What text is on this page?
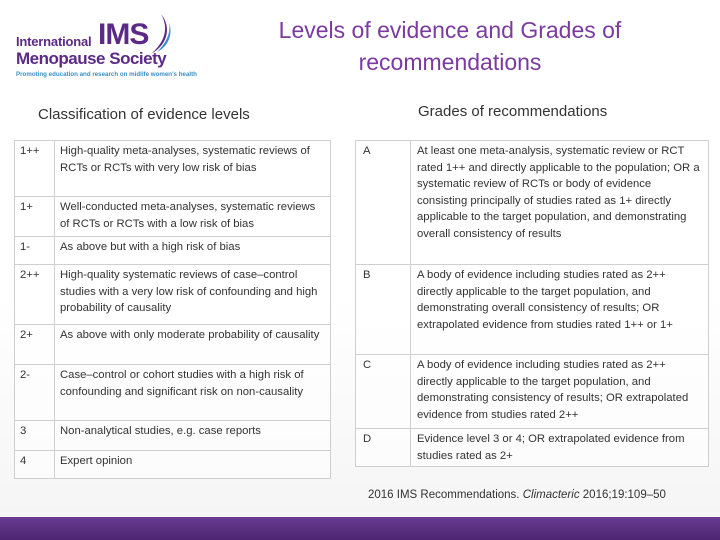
International IMS
Menopause Society
Promoting education and research on midlife women's health
Levels of evidence and Grades of recommendations
Classification of evidence levels	Grades of recommendations
1++	High-quality meta-analyses, systematic reviews of RCTs or RCTs with very low risk of bias
1+	Well-conducted meta-analyses, systematic reviews of RCTs or RCTs with a low risk of bias
1-	As above but with a high risk of bias
2++	High-quality systematic reviews of case–control studies with a very low risk of confounding and high probability of causality
2+	As above with only moderate probability of causality
2-	Case–control or cohort studies with a high risk of confounding and significant risk on non-causality
3	Non-analytical studies, e.g. case reports
4	Expert opinion
A	At least one meta-analysis, systematic review or RCT rated 1++ and directly applicable to the population; OR a systematic review of RCTs or body of evidence consisting principally of studies rated as 1+ directly applicable to the target population, and demonstrating overall consistency of results
B	A body of evidence including studies rated as 2++ directly applicable to the target population, and demonstrating overall consistency of results; OR extrapolated evidence from studies rated 1++ or 1+
C	A body of evidence including studies rated as 2++ directly applicable to the target population, and demonstrating consistency of results; OR extrapolated evidence from studies rated 2++
D	Evidence level 3 or 4; OR extrapolated evidence from studies rated as 2+
2016 IMS Recommendations. Climacteric 2016;19:109–50
